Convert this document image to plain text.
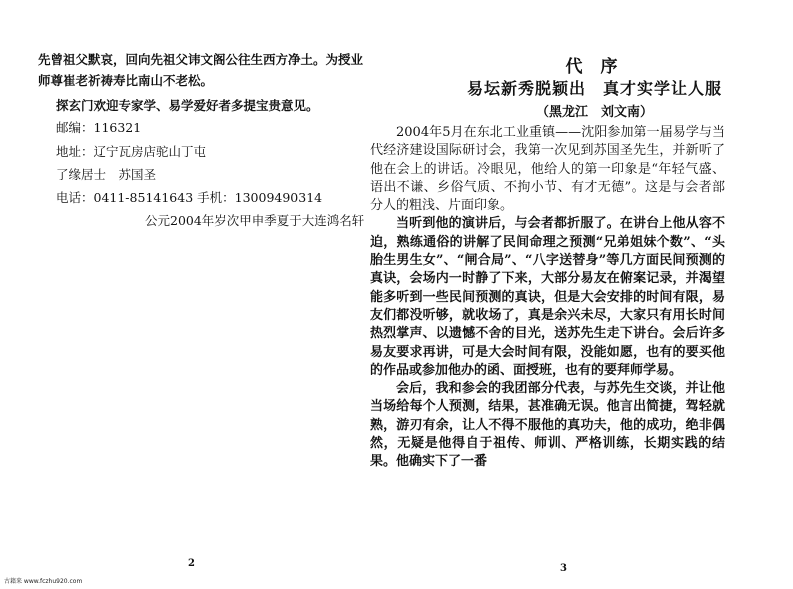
先曾祖父默哀，回向先祖父讳文阁公往生西方净土。为授业
师尊崔老祈祷寿比南山不老松。
探玄门欢迎专家学、易学爱好者多提宝贵意见。
邮编：116321
地址：辽宁瓦房店驼山丁屯
了缘居士　苏国圣
电话：0411-85141643 手机：13009490314
公元2004年岁次甲申季夏于大连鸿名轩
2
代 序
易坛新秀脱颖出　真才实学让人服
（黑龙江　刘文南）
3

2004年5月在东北工业重镇——沈阳参加第一届易学与当代经济建设国际研讨会，我第一次见到苏国圣先生，并新听了他在会上的讲话。冷眼见，他给人的第一印象是“年轻气盛、语出不谦、乡俗气质、不拘小节、有才无德”。这是与会者部分人的粗浅、片面印象。

当听到他的演讲后，与会者都折服了。在讲台上他从容不迫，熟练通俗的讲解了民间命理之预测“兄弟姐妹个数”、“头胎生男生女”、“闸合局”、“八字送替身”等几方面民间预测的真诀，会场内一时静了下来，大部分易友在俯案记录，并渴望能多听到一些民间预测的真诀，但是大会安排的时间有限，易友们都没听够，就收场了，真是余兴未尽，大家只有用长时间热烈掌声、以遗憾不舍的目光，送苏先生走下讲台。会后许多易友要求再讲，可是大会时间有限，没能如愿，也有的要买他的作品或参加他办的函、面授班，也有的要拜师学易。

会后，我和参会的我团部分代表，与苏先生交谈，并让他当场给每个人预测，结果，甚准确无误。他言出简捷，驾轻就熟，游刃有余，让人不得不服他的真功夫，他的成功，绝非偶然，无疑是他得自于祖传、师训、严格训练，长期实践的结果。他确实下了一番

古籍来 www.fczhu920.com
